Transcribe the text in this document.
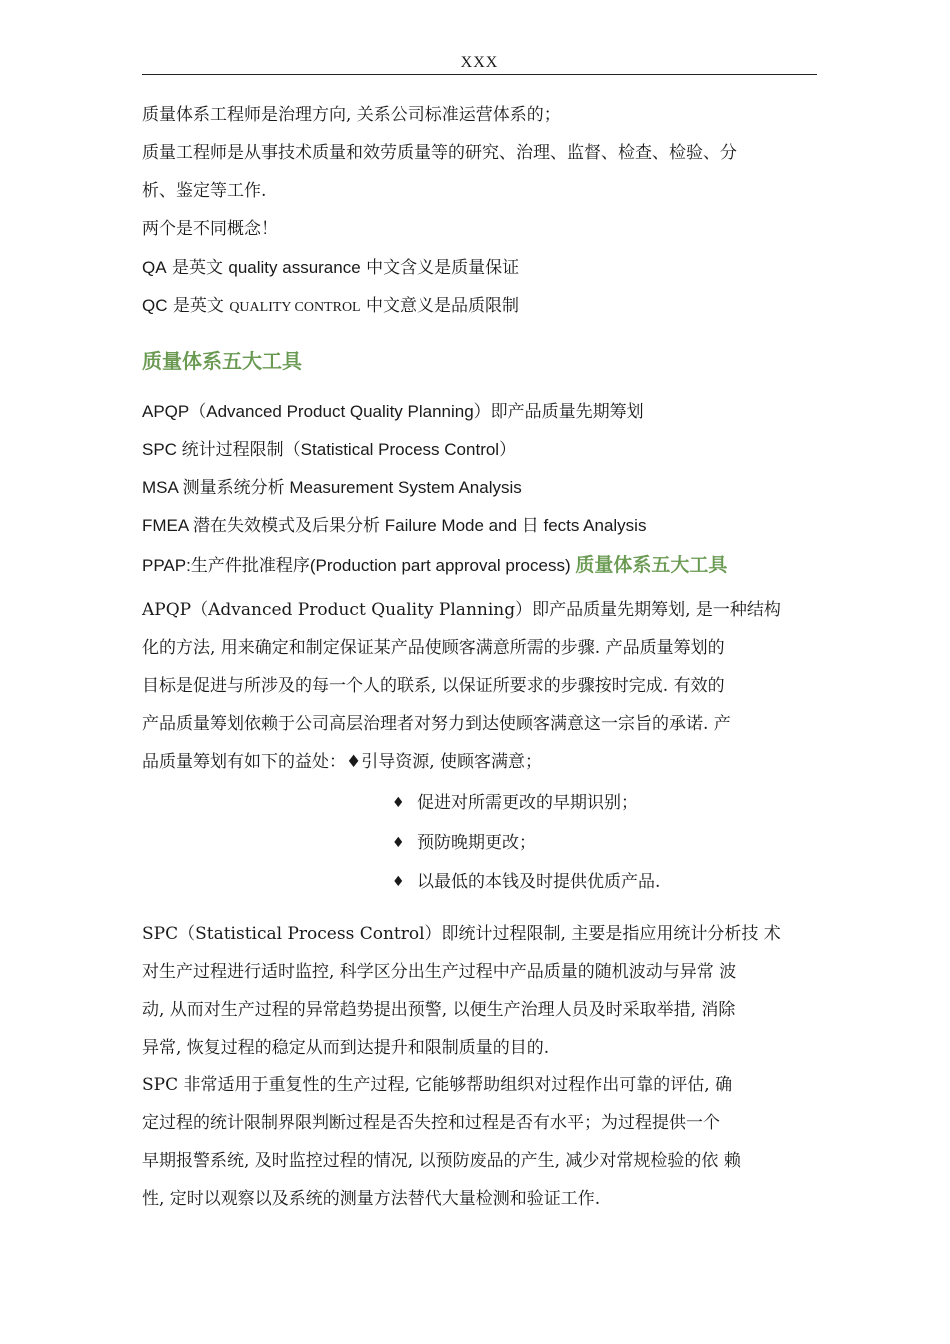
XXX

质量体系工程师是治理方向, 关系公司标准运营体系的；

质量工程师是从事技术质量和效劳质量等的研究、治理、监督、检查、检验、分

析、鉴定等工作.

两个是不同概念！

QA 是英文 quality assurance 中文含义是质量保证

QC 是英文 QUALITY CONTROL 中文意义是品质限制

质量体系五大工具

APQP（Advanced Product Quality Planning）即产品质量先期筹划

SPC 统计过程限制（Statistical Process Control）

MSA 测量系统分析 Measurement System Analysis

FMEA 潜在失效模式及后果分析 Failure Mode and 日 fects Analysis

PPAP:生产件批准程序(Production part approval process) 质量体系五大工具

APQP（Advanced Product Quality Planning）即产品质量先期筹划, 是一种结构

化的方法, 用来确定和制定保证某产品使顾客满意所需的步骤. 产品质量筹划的

目标是促进与所涉及的每一个人的联系, 以保证所要求的步骤按时完成. 有效的

产品质量筹划依赖于公司高层治理者对努力到达使顾客满意这一宗旨的承诺. 产

品质量筹划有如下的益处：♦引导资源, 使顾客满意；

♦ 促进对所需更改的早期识别；
♦ 预防晚期更改；
♦ 以最低的本钱及时提供优质产品.

SPC（Statistical Process Control）即统计过程限制, 主要是指应用统计分析技 术

对生产过程进行适时监控, 科学区分出生产过程中产品质量的随机波动与异常 波

动, 从而对生产过程的异常趋势提出预警, 以便生产治理人员及时采取举措, 消除

异常, 恢复过程的稳定从而到达提升和限制质量的目的.

SPC 非常适用于重复性的生产过程, 它能够帮助组织对过程作出可靠的评估, 确

定过程的统计限制界限判断过程是否失控和过程是否有水平；为过程提供一个

早期报警系统, 及时监控过程的情况, 以预防废品的产生, 减少对常规检验的依 赖

性, 定时以观察以及系统的测量方法替代大量检测和验证工作.
